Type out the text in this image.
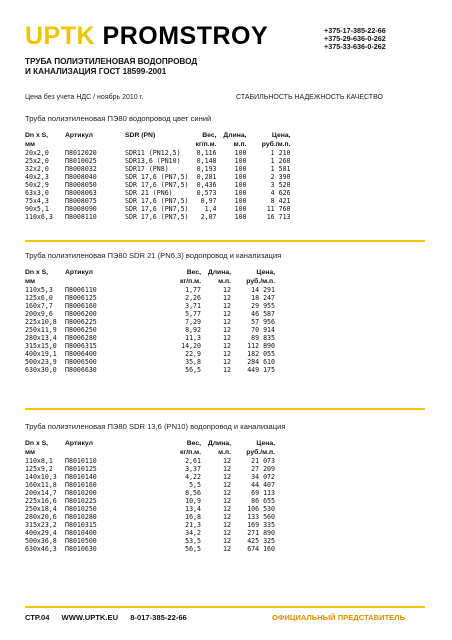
UPTK PROMSTROY	+375-17-385-22-66
+375-29-636-0-262
+375-33-636-0-262
ТРУБА ПОЛИЭТИЛЕНОВАЯ ВОДОПРОВОД
И КАНАЛИЗАЦИЯ ГОСТ 18599-2001
Цена без учета НДС / ноябрь 2010 г.	СТАБИЛЬНОСТЬ НАДЕЖНОСТЬ КАЧЕСТВО
Труба полиэтиленовая ПЭ80 водопровод цвет синий
Dn x S,	Артикул	SDR (PN)	Вес,	Длина,	Цена,
мм			кг/п.м.	м.п.	руб./м.п.
20x2,0	П8012020	SDR11 (PN12,5)	0,116	100	1 210
25x2,0	П8010025	SDR13,6 (PN10)	0,148	100	1 260
32x2,0	П8008032	SDR17 (PN8)	0,193	100	1 581
40x2,3	П8008040	SDR 17,6 (PN7,5)	0,281	100	2 390
50x2,9	П8008050	SDR 17,6 (PN7,5)	0,436	100	3 520
63x3,0	П8008063	SDR 21 (PN6)	0,573	100	4 626
75x4,3	П8008075	SDR 17,6 (PN7,5)	0,97	100	8 421
90x5,1	П8008090	SDR 17,6 (PN7,5)	1,4	100	11 760
110x6,3	П8008110	SDR 17,6 (PN7,5)	2,07	100	16 713
Труба полиэтиленовая ПЭ80 SDR 21 (PN6,3) водопровод и канализация
Dn x S,	Артикул		Вес,	Длина,	Цена,
мм			кг/п.м.	м.п.	руб./м.п.
110x5,3	П8006110		1,77	12	14 291
125x6,0	П8006125		2,26	12	18 247
160x7,7	П8006160		3,71	12	29 955
200x9,6	П8006200		5,77	12	46 587
225x10,8	П8006225		7,29	12	57 956
250x11,9	П8006250		8,92	12	70 914
280x13,4	П8006280		11,3	12	89 835
315x15,0	П8006315		14,20	12	112 890
400x19,1	П8006400		22,9	12	182 055
500x23,9	П8006500		35,8	12	284 610
630x30,0	П8006630		56,5	12	449 175
Труба полиэтиленовая ПЭ80 SDR 13,6 (PN10) водопровод и канализация
Dn x S,	Артикул		Вес,	Длина,	Цена,
мм			кг/п.м.	м.п.	руб./м.п.
110x8,1	П8010110		2,61	12	21 073
125x9,2	П8010125		3,37	12	27 209
140x10,3	П8010140		4,22	12	34 072
160x11,8	П8010160		5,5	12	44 407
200x14,7	П8010200		8,56	12	69 113
225x16,6	П8010225		10,9	12	86 655
250x18,4	П8010250		13,4	12	106 530
280x20,6	П8010280		16,8	12	133 560
315x23,2	П8010315		21,3	12	169 335
400x29,4	П8010400		34,2	12	271 890
500x36,8	П8010500		53,5	12	425 325
630x46,3	П8010630		56,5	12	674 160
СТР.04 WWW.UPTK.EU 8-017-385-22-66	ОФИЦИАЛЬНЫЙ ПРЕДСТАВИТЕЛЬ
